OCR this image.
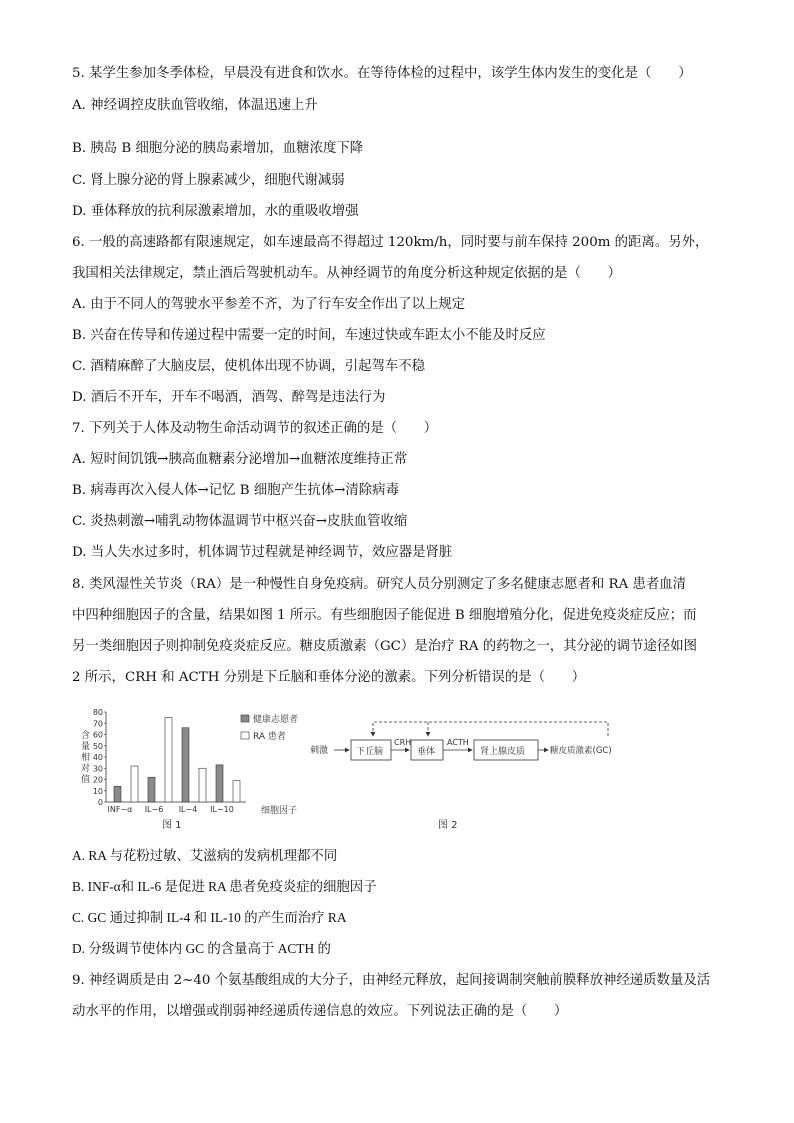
5. 某学生参加冬季体检，早晨没有进食和饮水。在等待体检的过程中，该学生体内发生的变化是（　　）
A. 神经调控皮肤血管收缩，体温迅速上升
B. 胰岛 B 细胞分泌的胰岛素增加，血糖浓度下降
C. 肾上腺分泌的肾上腺素减少，细胞代谢减弱
D. 垂体释放的抗利尿激素增加，水的重吸收增强
6. 一般的高速路都有限速规定，如车速最高不得超过 120km/h，同时要与前车保持 200m 的距离。另外，
我国相关法律规定，禁止酒后驾驶机动车。从神经调节的角度分析这种规定依据的是（　　）
A. 由于不同人的驾驶水平参差不齐，为了行车安全作出了以上规定
B. 兴奋在传导和传递过程中需要一定的时间，车速过快或车距太小不能及时反应
C. 酒精麻醉了大脑皮层，使机体出现不协调，引起驾车不稳
D. 酒后不开车，开车不喝酒，酒驾、醉驾是违法行为
7. 下列关于人体及动物生命活动调节的叙述正确的是（　　）
A. 短时间饥饿→胰高血糖素分泌增加→血糖浓度维持正常
B. 病毒再次入侵人体→记忆 B 细胞产生抗体→清除病毒
C. 炎热刺激→哺乳动物体温调节中枢兴奋→皮肤血管收缩
D. 当人失水过多时，机体调节过程就是神经调节，效应器是肾脏
8. 类风湿性关节炎（RA）是一种慢性自身免疫病。研究人员分别测定了多名健康志愿者和 RA 患者血清
中四种细胞因子的含量，结果如图 1 所示。有些细胞因子能促进 B 细胞增殖分化，促进免疫炎症反应；而
另一类细胞因子则抑制免疫炎症反应。糖皮质激素（GC）是治疗 RA 的药物之一，其分泌的调节途径如图
2 所示，CRH 和 ACTH 分别是下丘脑和垂体分泌的激素。下列分析错误的是（　　）
含
量
相
对
值
80
70
60
50
40
30
20
10
0
INF−α IL−6 IL−4 IL−10	细胞因子
健康志愿者
RA 患者
图 1
刺激	下丘脑
CRH
垂体
ACTH
肾上腺皮质	糖皮质激素(GC)
图 2
A. RA 与花粉过敏、艾滋病的发病机理都不同
B. INF-α和 IL-6 是促进 RA 患者免疫炎症的细胞因子
C. GC 通过抑制 IL-4 和 IL-10 的产生而治疗 RA
D. 分级调节使体内 GC 的含量高于 ACTH 的
9. 神经调质是由 2~40 个氨基酸组成的大分子，由神经元释放，起间接调制突触前膜释放神经递质数量及活
动水平的作用，以增强或削弱神经递质传递信息的效应。下列说法正确的是（　　）
